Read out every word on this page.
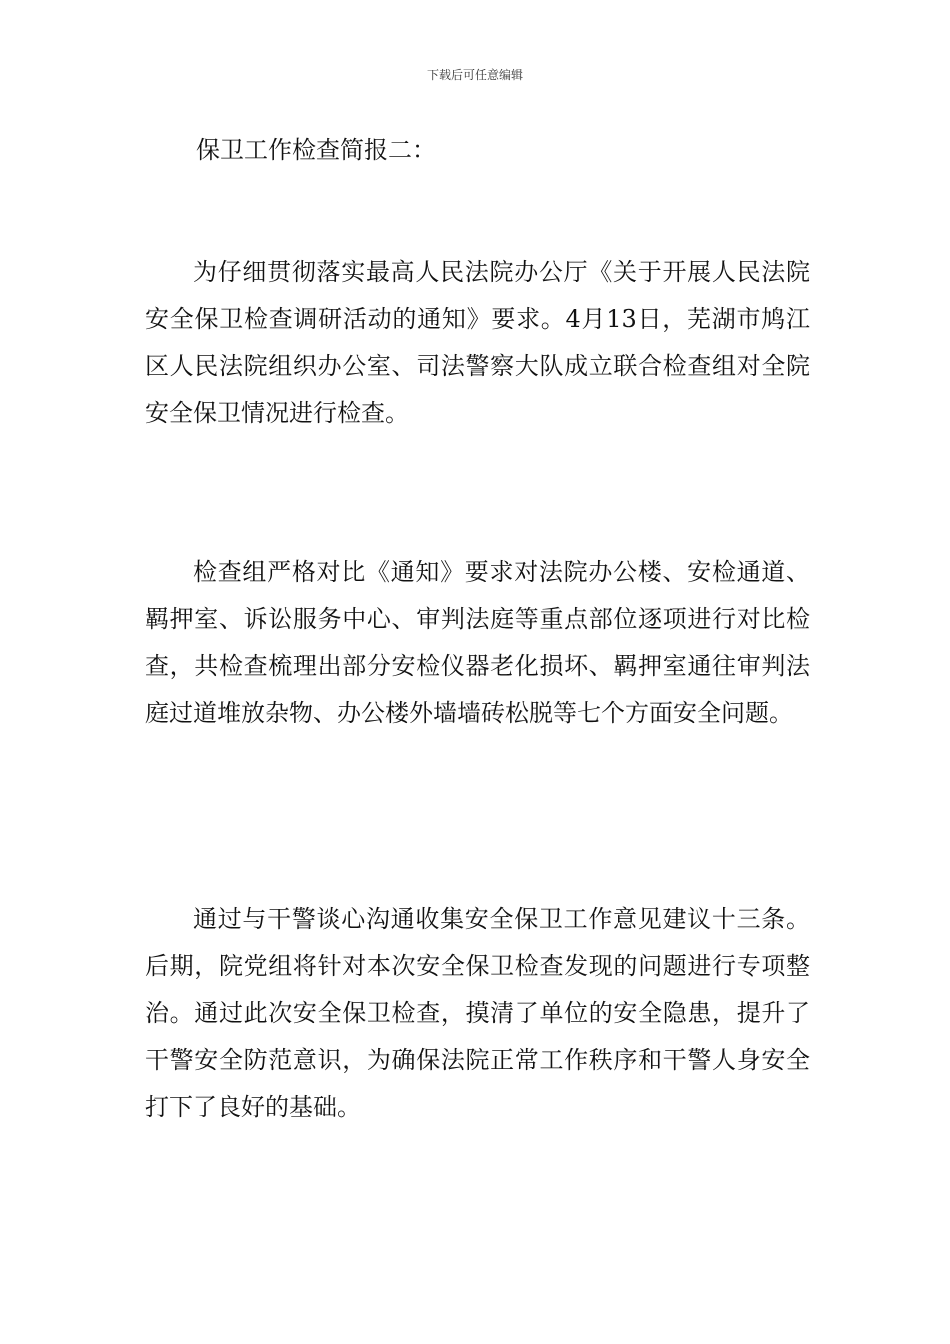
下载后可任意编辑
保卫工作检查简报二：

为仔细贯彻落实最高人民法院办公厅《关于开展人民法院安全保卫检查调研活动的通知》要求。4月13日，芜湖市鸠江区人民法院组织办公室、司法警察大队成立联合检查组对全院安全保卫情况进行检查。

检查组严格对比《通知》要求对法院办公楼、安检通道、羁押室、诉讼服务中心、审判法庭等重点部位逐项进行对比检查，共检查梳理出部分安检仪器老化损坏、羁押室通往审判法庭过道堆放杂物、办公楼外墙墙砖松脱等七个方面安全问题。

通过与干警谈心沟通收集安全保卫工作意见建议十三条。后期，院党组将针对本次安全保卫检查发现的问题进行专项整治。通过此次安全保卫检查，摸清了单位的安全隐患，提升了干警安全防范意识，为确保法院正常工作秩序和干警人身安全打下了良好的基础。
